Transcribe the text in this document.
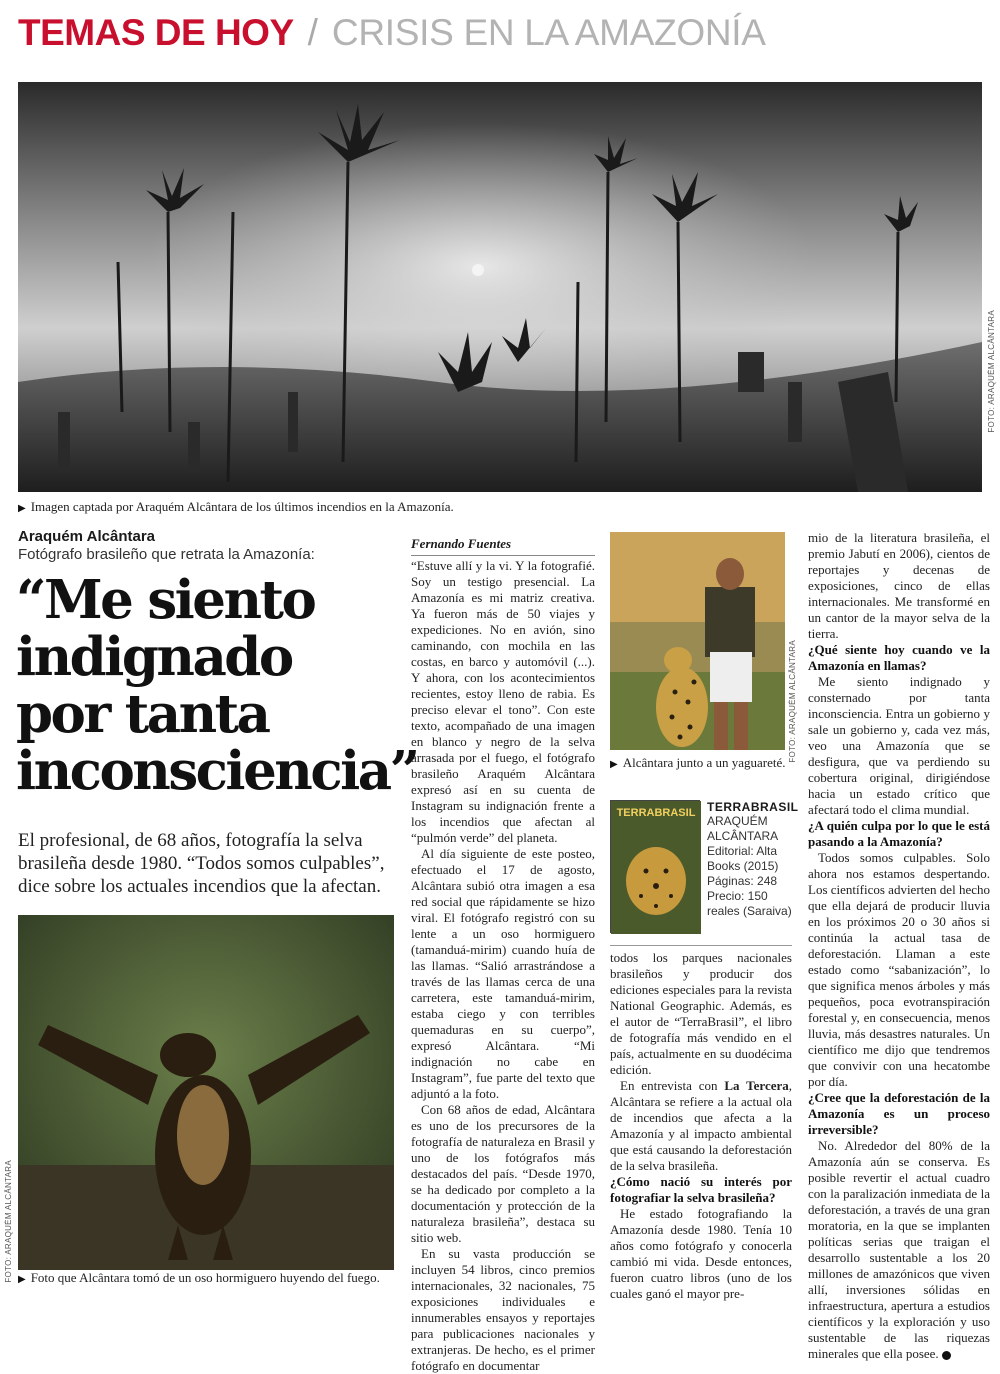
TEMAS DE HOY / CRISIS EN LA AMAZONÍA
FOTO: ARAQUÉM ALCÂNTARA
▶ Imagen captada por Araquém Alcântara de los últimos incendios en la Amazonía.
Araquém Alcântara
Fotógrafo brasileño que retrata la Amazonía:
“Me siento indignado por tanta inconsciencia”
El profesional, de 68 años, fotografía la selva brasileña desde 1980. “Todos somos culpables”, dice sobre los actuales incendios que la afectan.
FOTO: ARAQUÉM ALCÂNTARA ▶ Foto que Alcântara tomó de un oso hormiguero huyendo del fuego.
Fernando Fuentes

“Estuve allí y la vi. Y la fotografié. Soy un testigo presencial. La Amazonía es mi matriz creativa. Ya fueron más de 50 viajes y expediciones. No en avión, sino caminando, con mochila en las costas, en barco y automóvil (...). Y ahora, con los acontecimientos recientes, estoy lleno de rabia. Es preciso elevar el tono”. Con este texto, acompañado de una imagen en blanco y negro de la selva arrasada por el fuego, el fotógrafo brasileño Araquém Alcântara expresó así en su cuenta de Instagram su indignación frente a los incendios que afectan al “pulmón verde” del planeta.

Al día siguiente de este posteo, efectuado el 17 de agosto, Alcântara subió otra imagen a esa red social que rápidamente se hizo viral. El fotógrafo registró con su lente a un oso hormiguero (tamanduá-mirim) cuando huía de las llamas. “Salió arrastrándose a través de las llamas cerca de una carretera, este tamanduá-mirim, estaba ciego y con terribles quemaduras en su cuerpo”, expresó Alcântara. “Mi indignación no cabe en Instagram”, fue parte del texto que adjuntó a la foto.

Con 68 años de edad, Alcântara es uno de los precursores de la fotografía de naturaleza en Brasil y uno de los fotógrafos más destacados del país. “Desde 1970, se ha dedicado por completo a la documentación y protección de la naturaleza brasileña”, destaca su sitio web.

En su vasta producción se incluyen 54 libros, cinco premios internacionales, 32 nacionales, 75 exposiciones individuales e innumerables ensayos y reportajes para publicaciones nacionales y extranjeras. De hecho, es el primer fotógrafo en documentar

FOTO: ARAQUÉM ALCÂNTARA
▶ Alcântara junto a un yaguareté.
TERRABRASIL TERRABRASIL
ARAQUÉM ALCÂNTARA
Editorial: Alta Books (2015)
Páginas: 248
Precio: 150 reales (Saraiva)

todos los parques nacionales brasileños y producir dos ediciones especiales para la revista National Geographic. Además, es el autor de “TerraBrasil”, el libro de fotografía más vendido en el país, actualmente en su duodécima edición.

En entrevista con La Tercera, Alcântara se refiere a la actual ola de incendios que afecta a la Amazonía y al impacto ambiental que está causando la deforestación de la selva brasileña.

¿Cómo nació su interés por fotografiar la selva brasileña?

He estado fotografiando la Amazonía desde 1980. Tenía 10 años como fotógrafo y conocerla cambió mi vida. Desde entonces, fueron cuatro libros (uno de los cuales ganó el mayor pre-

mio de la literatura brasileña, el premio Jabutí en 2006), cientos de reportajes y decenas de exposiciones, cinco de ellas internacionales. Me transformé en un cantor de la mayor selva de la tierra.

¿Qué siente hoy cuando ve la Amazonía en llamas?

Me siento indignado y consternado por tanta inconsciencia. Entra un gobierno y sale un gobierno y, cada vez más, veo una Amazonía que se desfigura, que va perdiendo su cobertura original, dirigiéndose hacia un estado crítico que afectará todo el clima mundial.

¿A quién culpa por lo que le está pasando a la Amazonía?

Todos somos culpables. Solo ahora nos estamos despertando. Los científicos advierten del hecho que ella dejará de producir lluvia en los próximos 20 o 30 años si continúa la actual tasa de deforestación. Llaman a este estado como “sabanización”, lo que significa menos árboles y más pequeños, poca evotranspiración forestal y, en consecuencia, menos lluvia, más desastres naturales. Un científico me dijo que tendremos que convivir con una hecatombe por día.

¿Cree que la deforestación de la Amazonía es un proceso irreversible?

No. Alrededor del 80% de la Amazonía aún se conserva. Es posible revertir el actual cuadro con la paralización inmediata de la deforestación, a través de una gran moratoria, en la que se implanten políticas serias que traigan el desarrollo sustentable a los 20 millones de amazónicos que viven allí, inversiones sólidas en infraestructura, apertura a estudios científicos y la exploración y uso sustentable de las riquezas minerales que ella posee.
